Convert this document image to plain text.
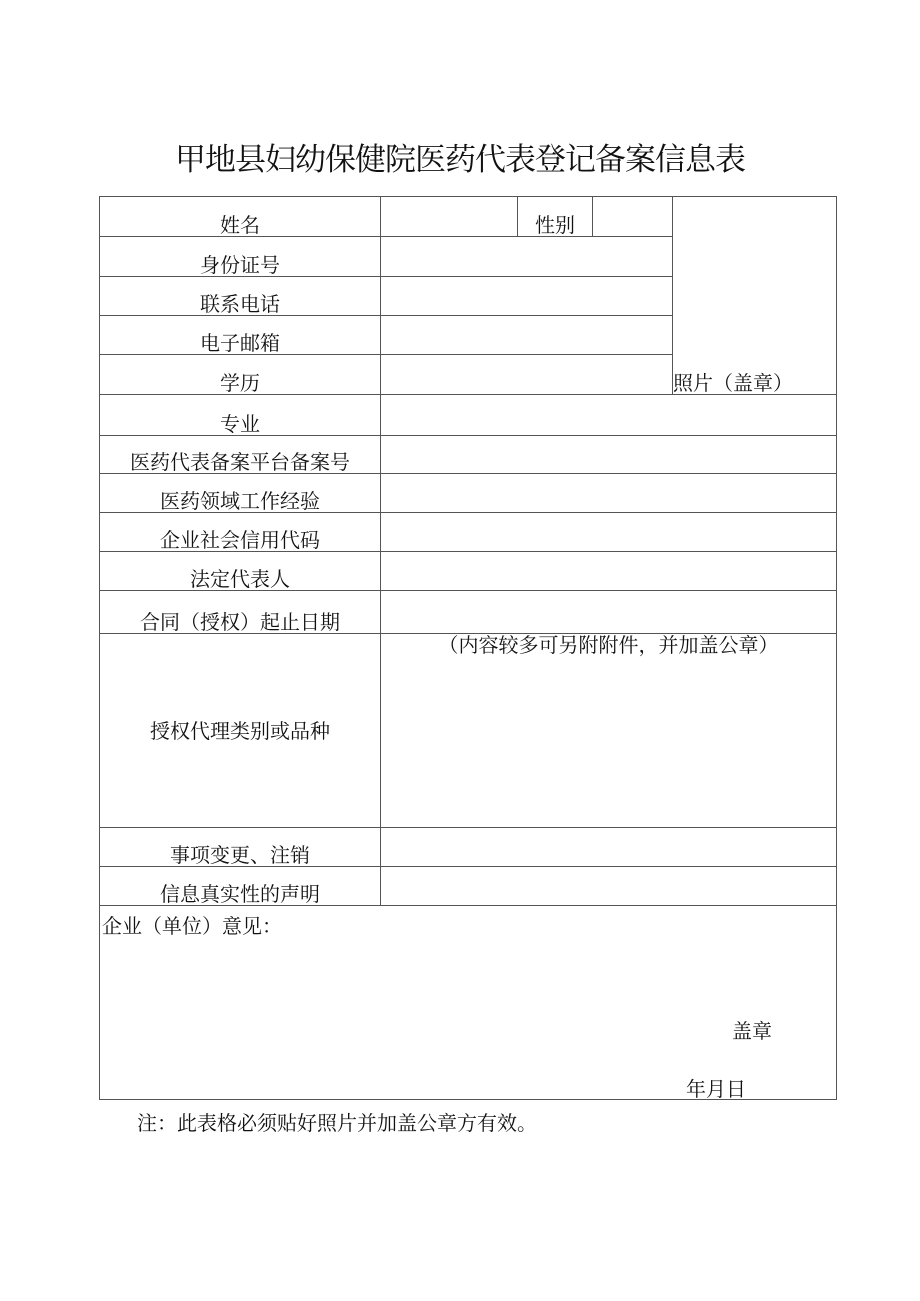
甲地县妇幼保健院医药代表登记备案信息表
姓名		性别		照片（盖章）
身份证号				
联系电话				
电子邮箱				
学历				
专业				
医药代表备案平台备案号				
医药领域工作经验				
企业社会信用代码				
法定代表人				
合同（授权）起止日期				
授权代理类别或品种	（内容较多可另附附件，并加盖公章）			
事项变更、注销				
信息真实性的声明				

企业（单位）意见：
盖章
年月日				
注：此表格必须贴好照片并加盖公章方有效。
